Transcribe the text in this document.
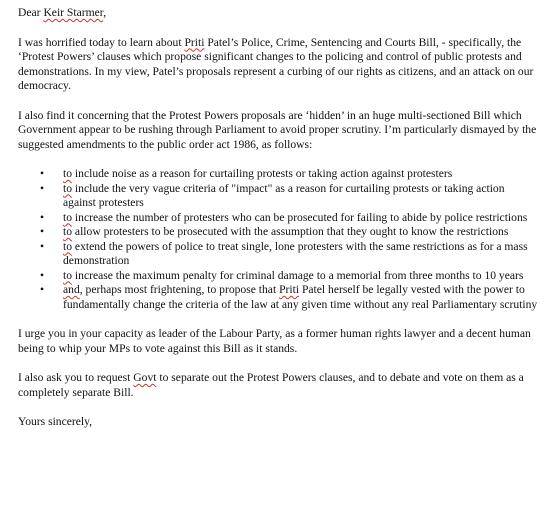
Dear Keir Starmer,

I was horrified today to learn about Priti Patel’s Police, Crime, Sentencing and Courts Bill, - specifically, the ‘Protest Powers’ clauses which propose significant changes to the policing and control of public protests and demonstrations. In my view, Patel’s proposals represent a curbing of our rights as citizens, and an attack on our democracy.

I also find it concerning that the Protest Powers proposals are ‘hidden’ in an huge multi-sectioned Bill which Government appear to be rushing through Parliament to avoid proper scrutiny. I’m particularly dismayed by the suggested amendments to the public order act 1986, as follows:

• to include noise as a reason for curtailing protests or taking action against protesters
• to include the very vague criteria of "impact" as a reason for curtailing protests or taking action against protesters
• to increase the number of protesters who can be prosecuted for failing to abide by police restrictions
• to allow protesters to be prosecuted with the assumption that they ought to know the restrictions
• to extend the powers of police to treat single, lone protesters with the same restrictions as for a mass demonstration
• to increase the maximum penalty for criminal damage to a memorial from three months to 10 years
• and, perhaps most frightening, to propose that Priti Patel herself be legally vested with the power to fundamentally change the criteria of the law at any given time without any real Parliamentary scrutiny

I urge you in your capacity as leader of the Labour Party, as a former human rights lawyer and a decent human being to whip your MPs to vote against this Bill as it stands.

I also ask you to request Govt to separate out the Protest Powers clauses, and to debate and vote on them as a completely separate Bill.

Yours sincerely,
